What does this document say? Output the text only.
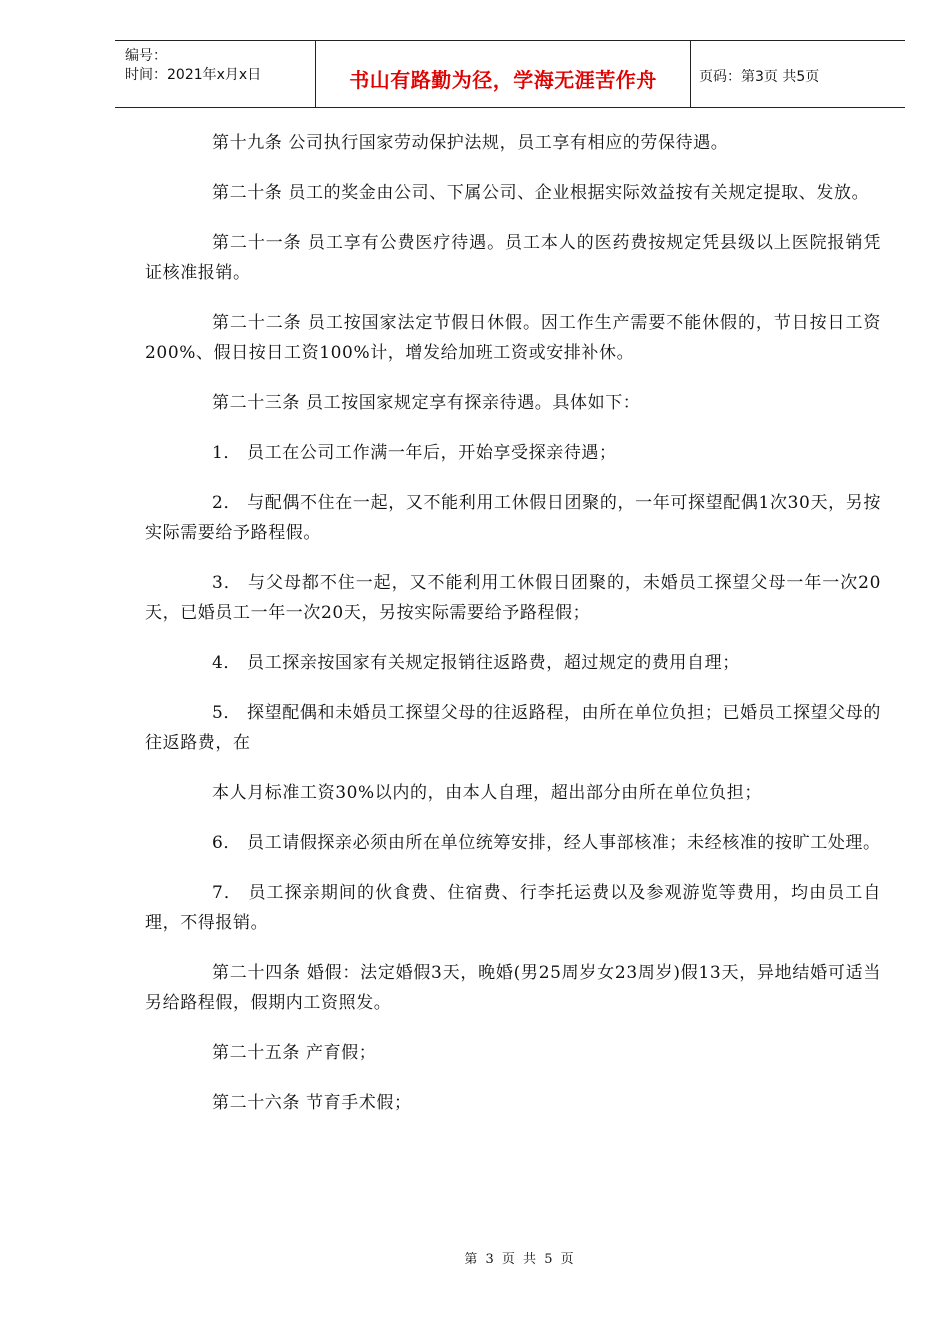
编号：
时间：2021年x月x日	书山有路勤为径，学海无涯苦作舟	页码：第3页 共5页

第十九条 公司执行国家劳动保护法规，员工享有相应的劳保待遇。

第二十条 员工的奖金由公司、下属公司、企业根据实际效益按有关规定提取、发放。

第二十一条 员工享有公费医疗待遇。员工本人的医药费按规定凭县级以上医院报销凭证核准报销。

第二十二条 员工按国家法定节假日休假。因工作生产需要不能休假的，节日按日工资200%、假日按日工资100%计，增发给加班工资或安排补休。

第二十三条 员工按国家规定享有探亲待遇。具体如下：

1． 员工在公司工作满一年后，开始享受探亲待遇；

2． 与配偶不住在一起，又不能利用工休假日团聚的，一年可探望配偶1次30天，另按实际需要给予路程假。

3． 与父母都不住一起，又不能利用工休假日团聚的，未婚员工探望父母一年一次20天，已婚员工一年一次20天，另按实际需要给予路程假；

4． 员工探亲按国家有关规定报销往返路费，超过规定的费用自理；

5． 探望配偶和未婚员工探望父母的往返路程，由所在单位负担；已婚员工探望父母的往返路费，在

本人月标准工资30%以内的，由本人自理，超出部分由所在单位负担；

6． 员工请假探亲必须由所在单位统筹安排，经人事部核准；未经核准的按旷工处理。

7． 员工探亲期间的伙食费、住宿费、行李托运费以及参观游览等费用，均由员工自理，不得报销。

第二十四条 婚假：法定婚假3天，晚婚(男25周岁女23周岁)假13天，异地结婚可适当另给路程假，假期内工资照发。

第二十五条 产育假；

第二十六条 节育手术假；

第 3 页 共 5 页
